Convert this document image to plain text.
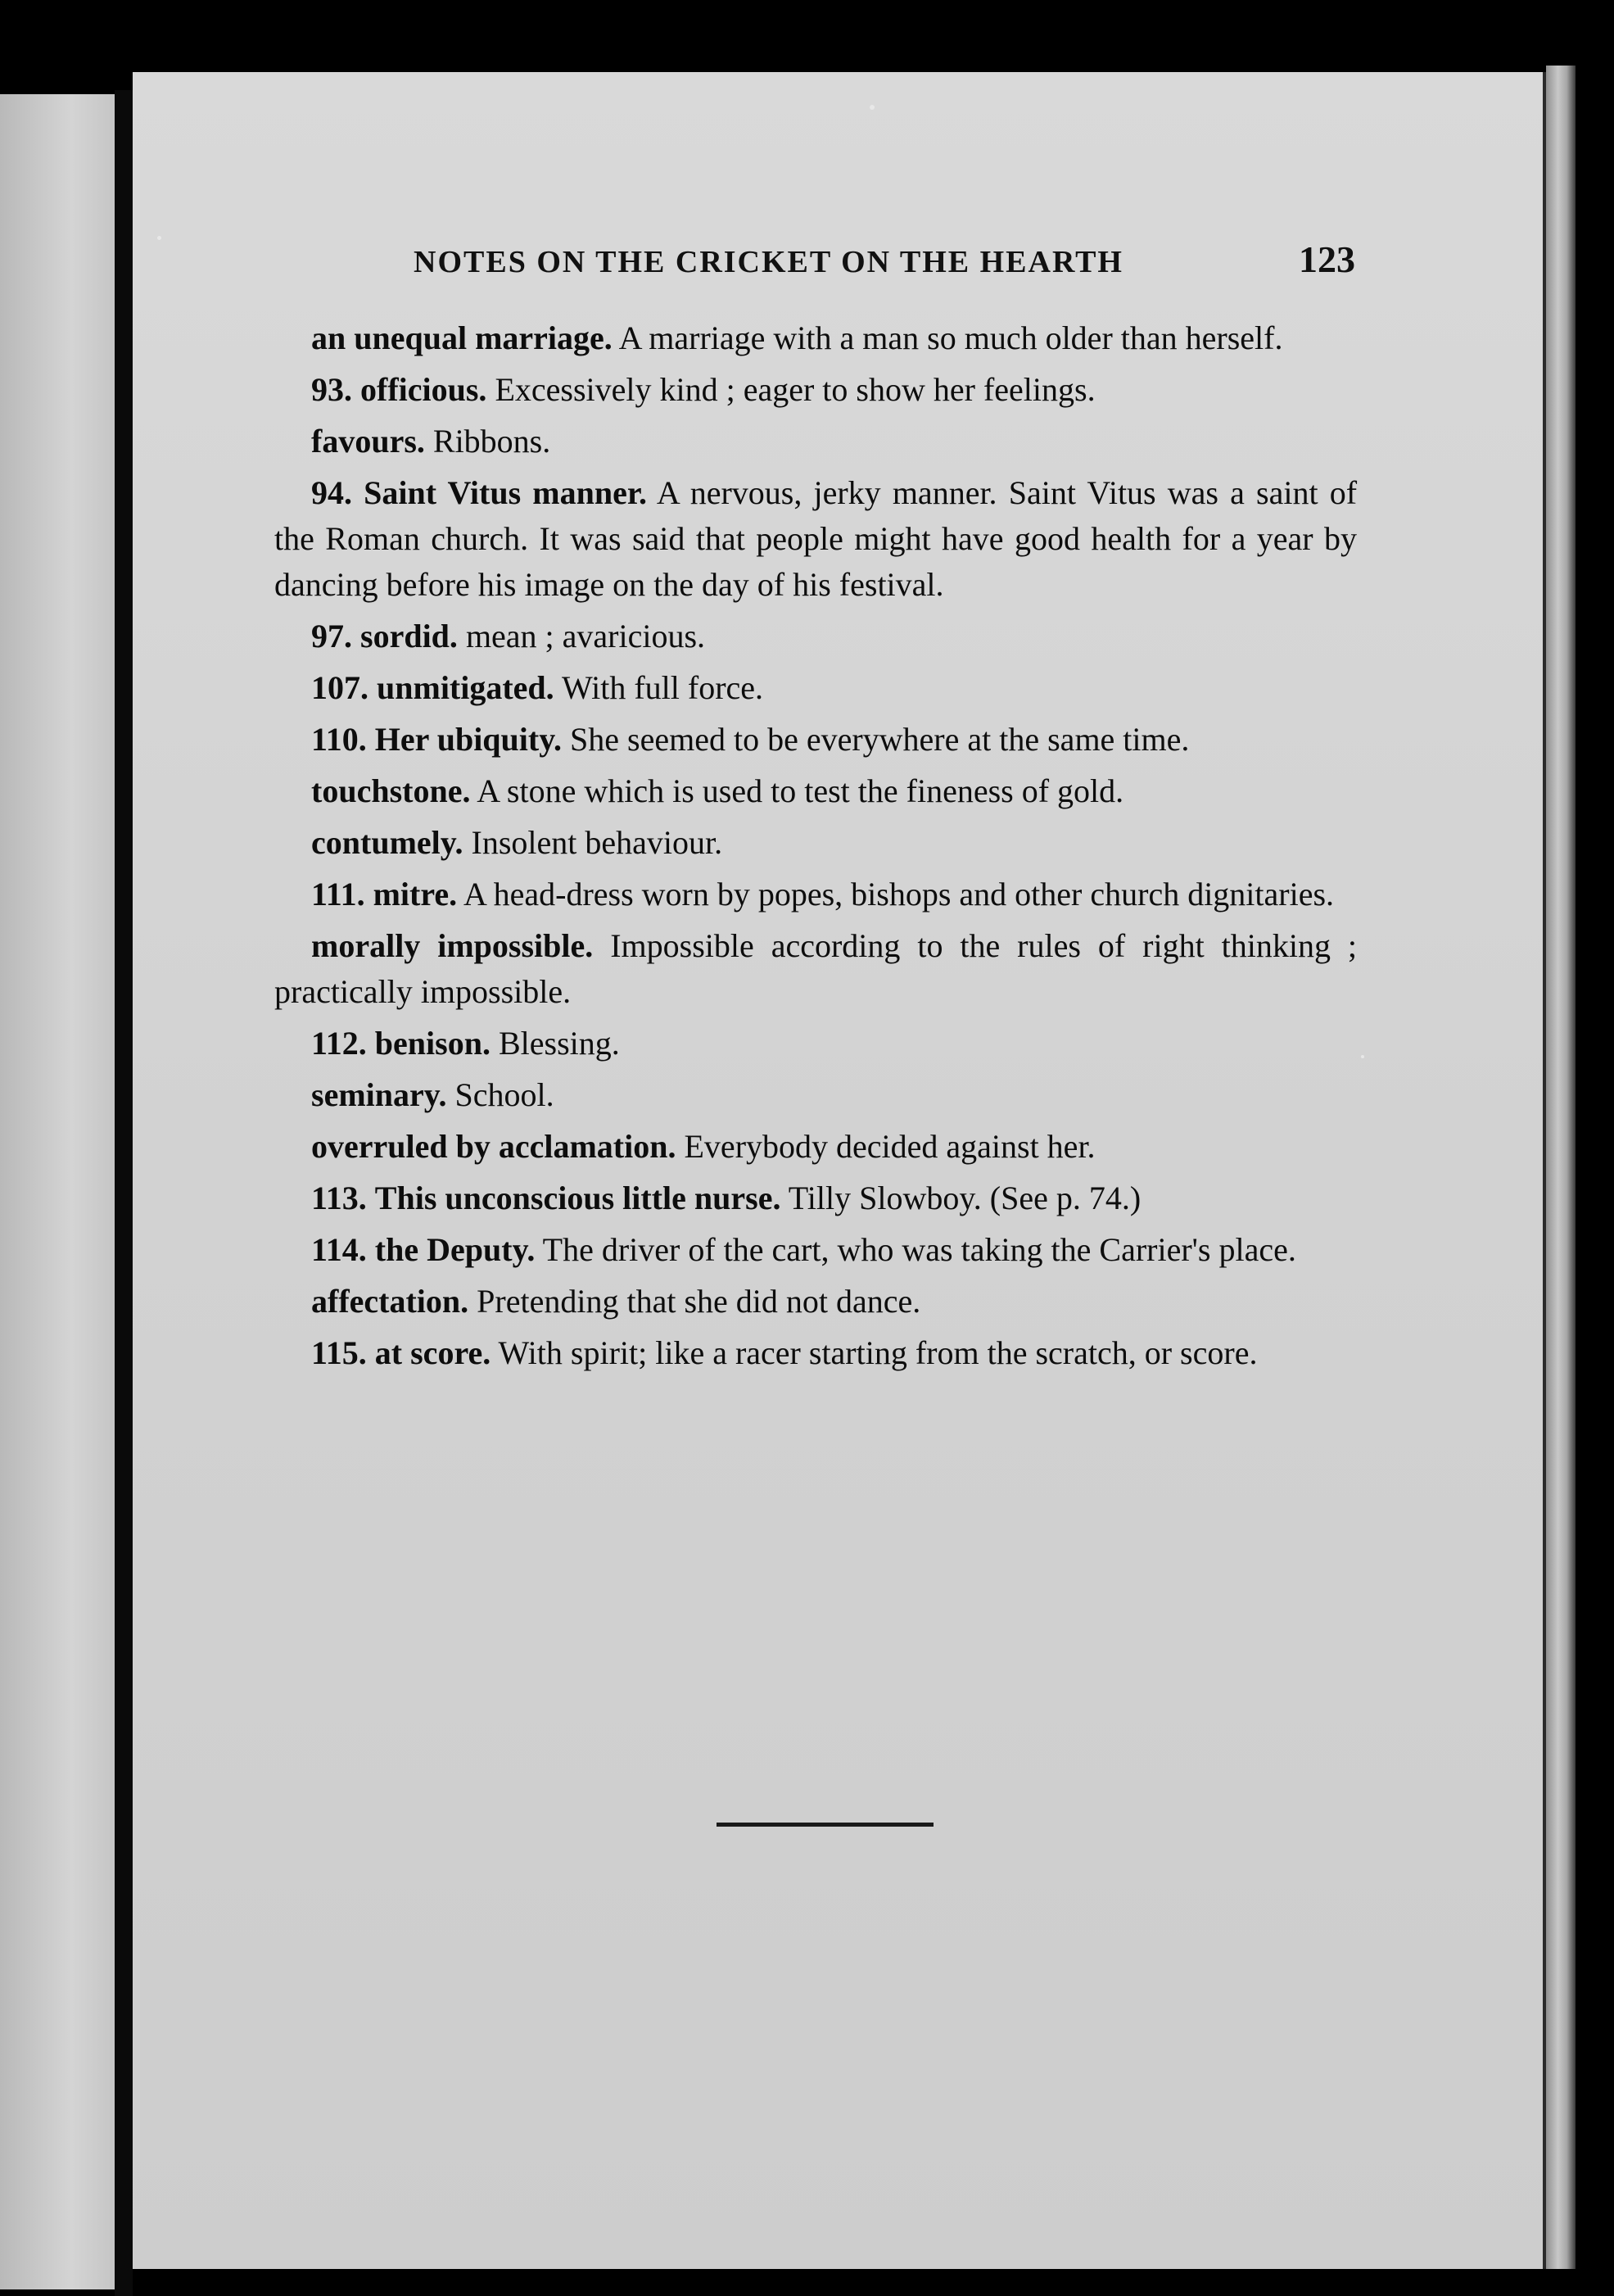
NOTES ON THE CRICKET ON THE HEARTH	123

an unequal marriage. A marriage with a man so much older than herself.

93. officious. Excessively kind ; eager to show her feelings.

favours. Ribbons.

94. Saint Vitus manner. A nervous, jerky manner. Saint Vitus was a saint of the Roman church. It was said that people might have good health for a year by dancing before his image on the day of his festival.

97. sordid. mean ; avaricious.

107. unmitigated. With full force.

110. Her ubiquity. She seemed to be everywhere at the same time.

touchstone. A stone which is used to test the fineness of gold.

contumely. Insolent behaviour.

111. mitre. A head-dress worn by popes, bishops and other church dignitaries.

morally impossible. Impossible according to the rules of right thinking ; practically impossible.

112. benison. Blessing.

seminary. School.

overruled by acclamation. Everybody decided against her.

113. This unconscious little nurse. Tilly Slowboy. (See p. 74.)

114. the Deputy. The driver of the cart, who was taking the Carrier's place.

affectation. Pretending that she did not dance.

115. at score. With spirit; like a racer starting from the scratch, or score.
